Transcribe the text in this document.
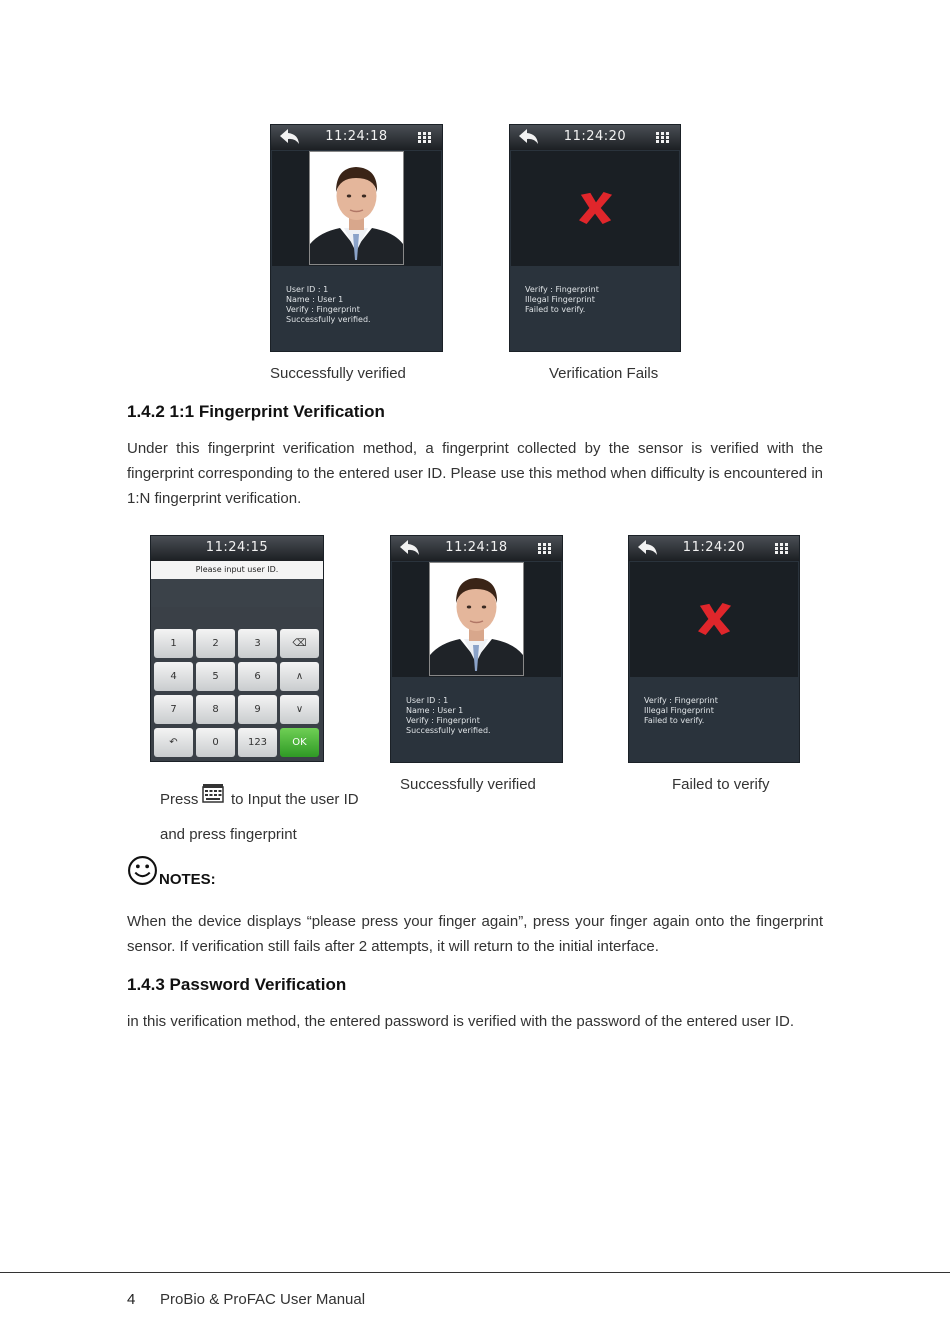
11:24:18
User ID : 1
Name : User 1
Verify : Fingerprint
Successfully verified.
Successfully verified
11:24:20
Verify : Fingerprint
Illegal Fingerprint
Failed to verify.
Verification Fails
1.4.2 1:1 Fingerprint Verification
Under this fingerprint verification method, a fingerprint collected by the sensor is verified with the fingerprint corresponding to the entered user ID. Please use this method when difficulty is encountered in 1:N fingerprint verification.
11:24:15
Please input user ID.
1	2	3	⌫
4	5	6	∧
7	8	9	∨
↶	0	123	OK
11:24:18
User ID : 1
Name : User 1
Verify : Fingerprint
Successfully verified.
Successfully verified
11:24:20
Verify : Fingerprint
Illegal Fingerprint
Failed to verify.
Failed to verify
Press to Input the user ID
and press fingerprint
NOTES:
When the device displays “please press your finger again”, press your finger again onto the fingerprint sensor. If verification still fails after 2 attempts, it will return to the initial interface.
1.4.3 Password Verification
in this verification method, the entered password is verified with the password of the entered user ID.
4 ProBio & ProFAC User Manual
